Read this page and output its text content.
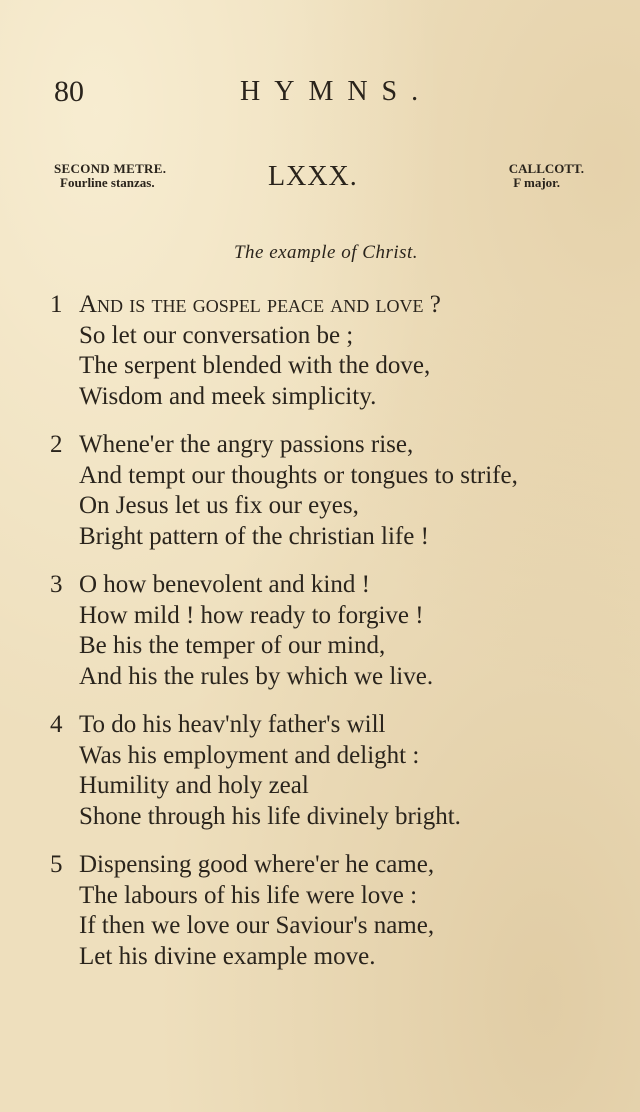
80	HYMNS.
SECOND METRE.
Fourline stanzas.	LXXX.	CALLCOTT.
F major.
The example of Christ.
1 And is the gospel peace and love ?
So let our conversation be ;
The serpent blended with the dove,
Wisdom and meek simplicity.
2 Whene'er the angry passions rise,
And tempt our thoughts or tongues to strife,
On Jesus let us fix our eyes,
Bright pattern of the christian life !
3 O how benevolent and kind !
How mild ! how ready to forgive !
Be his the temper of our mind,
And his the rules by which we live.
4 To do his heav'nly father's will
Was his employment and delight :
Humility and holy zeal
Shone through his life divinely bright.
5 Dispensing good where'er he came,
The labours of his life were love :
If then we love our Saviour's name,
Let his divine example move.
